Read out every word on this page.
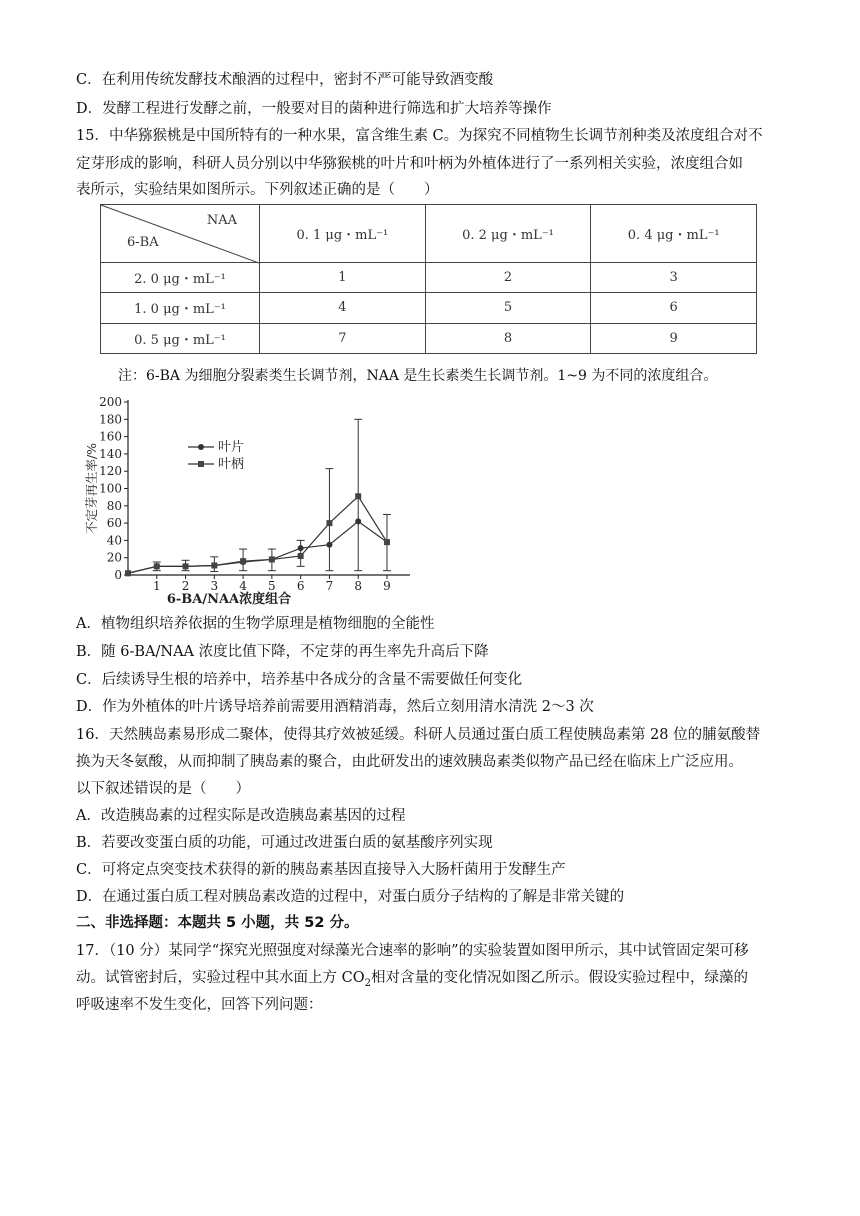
C．在利用传统发酵技术酿酒的过程中，密封不严可能导致酒变酸
D．发酵工程进行发酵之前，一般要对目的菌种进行筛选和扩大培养等操作
15．中华猕猴桃是中国所特有的一种水果，富含维生素 C。为探究不同植物生长调节剂种类及浓度组合对不
定芽形成的影响，科研人员分别以中华猕猴桃的叶片和叶柄为外植体进行了一系列相关实验，浓度组合如
表所示，实验结果如图所示。下列叙述正确的是（　　）
NAA
6-BA	0. 1 μg・mL⁻¹	0. 2 μg・mL⁻¹	0. 4 μg・mL⁻¹
2. 0 μg・mL⁻¹	1	2	3
1. 0 μg・mL⁻¹	4	5	6
0. 5 μg・mL⁻¹	7	8	9
注：6-BA 为细胞分裂素类生长调节剂，NAA 是生长素类生长调节剂。1~9 为不同的浓度组合。
0
20
40
60
80
100
120
140
160
180
200
1 2 3 4 5 6 7 8 9
6-BA/NAA浓度组合
不定芽再生率/%	叶片
叶柄
A．植物组织培养依据的生物学原理是植物细胞的全能性
B．随 6-BA/NAA 浓度比值下降，不定芽的再生率先升高后下降
C．后续诱导生根的培养中，培养基中各成分的含量不需要做任何变化
D．作为外植体的叶片诱导培养前需要用酒精消毒，然后立刻用清水清洗 2～3 次
16．天然胰岛素易形成二聚体，使得其疗效被延缓。科研人员通过蛋白质工程使胰岛素第 28 位的脯氨酸替
换为天冬氨酸，从而抑制了胰岛素的聚合，由此研发出的速效胰岛素类似物产品已经在临床上广泛应用。
以下叙述错误的是（　　）
A．改造胰岛素的过程实际是改造胰岛素基因的过程
B．若要改变蛋白质的功能，可通过改进蛋白质的氨基酸序列实现
C．可将定点突变技术获得的新的胰岛素基因直接导入大肠杆菌用于发酵生产
D．在通过蛋白质工程对胰岛素改造的过程中，对蛋白质分子结构的了解是非常关键的
二、非选择题：本题共 5 小题，共 52 分。
17．（10 分）某同学“探究光照强度对绿藻光合速率的影响”的实验装置如图甲所示，其中试管固定架可移
动。试管密封后，实验过程中其水面上方 $CO_2$相对含量的变化情况如图乙所示。假设实验过程中，绿藻的
呼吸速率不发生变化，回答下列问题：
